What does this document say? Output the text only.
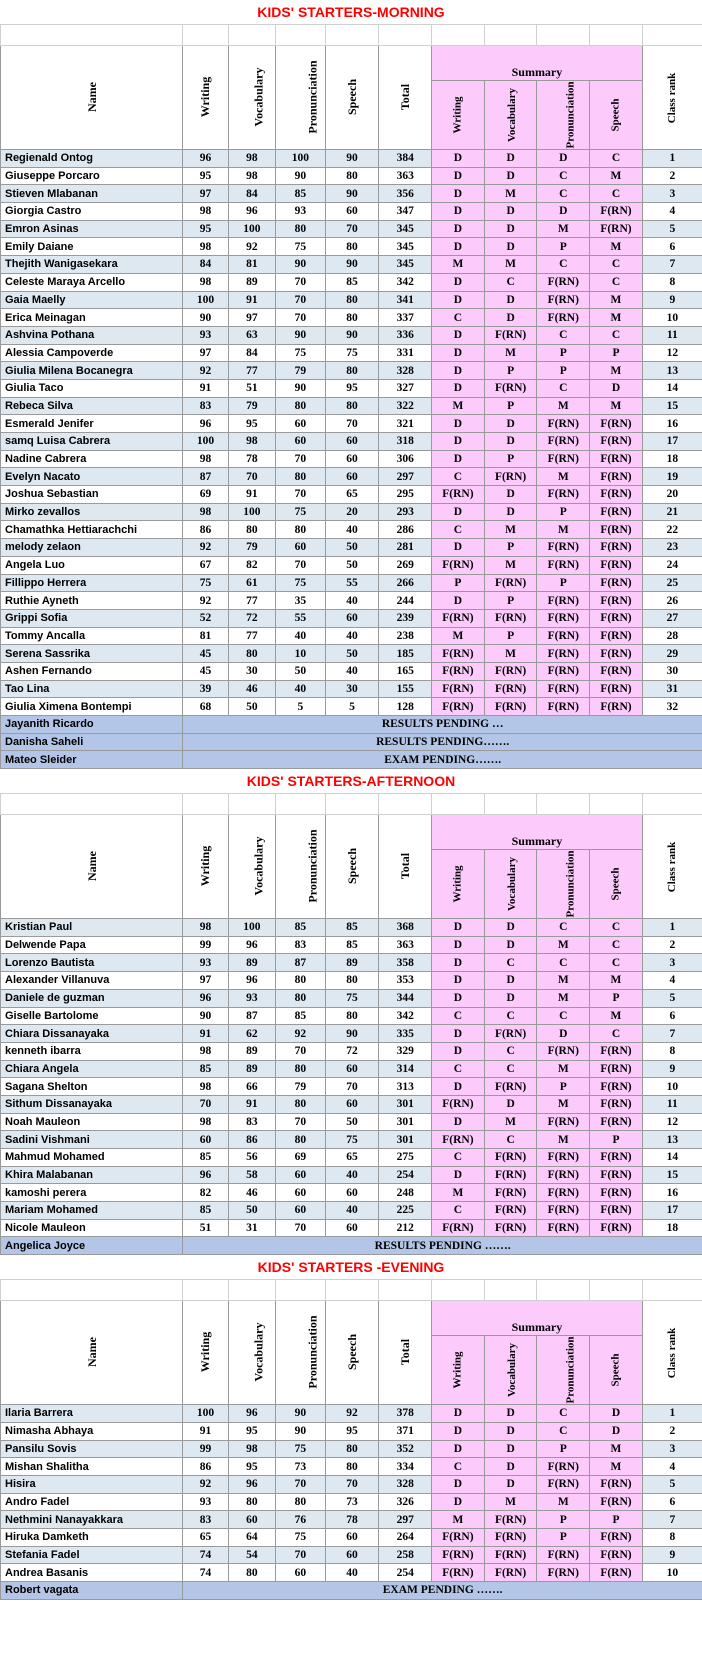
KIDS' STARTERS-MORNING

Name	Writing	Vocabulary	Pronunciation	Speech	Total	Summary				Class rank
						Writing	Vocabulary	Pronunciation	Speech	
Regienald Ontog	96	98	100	90	384	D	D	D	C	1
Giuseppe Porcaro	95	98	90	80	363	D	D	C	M	2
Stieven Mlabanan	97	84	85	90	356	D	M	C	C	3
Giorgia Castro	98	96	93	60	347	D	D	D	F(RN)	4
Emron Asinas	95	100	80	70	345	D	D	M	F(RN)	5
Emily Daiane	98	92	75	80	345	D	D	P	M	6
Thejith Wanigasekara	84	81	90	90	345	M	M	C	C	7
Celeste Maraya Arcello	98	89	70	85	342	D	C	F(RN)	C	8
Gaia Maelly	100	91	70	80	341	D	D	F(RN)	M	9
Erica Meinagan	90	97	70	80	337	C	D	F(RN)	M	10
Ashvina Pothana	93	63	90	90	336	D	F(RN)	C	C	11
Alessia Campoverde	97	84	75	75	331	D	M	P	P	12
Giulia Milena Bocanegra	92	77	79	80	328	D	P	P	M	13
Giulia Taco	91	51	90	95	327	D	F(RN)	C	D	14
Rebeca Silva	83	79	80	80	322	M	P	M	M	15
Esmerald Jenifer	96	95	60	70	321	D	D	F(RN)	F(RN)	16
samq Luisa Cabrera	100	98	60	60	318	D	D	F(RN)	F(RN)	17
Nadine Cabrera	98	78	70	60	306	D	P	F(RN)	F(RN)	18
Evelyn Nacato	87	70	80	60	297	C	F(RN)	M	F(RN)	19
Joshua Sebastian	69	91	70	65	295	F(RN)	D	F(RN)	F(RN)	20
Mirko zevallos	98	100	75	20	293	D	D	P	F(RN)	21
Chamathka Hettiarachchi	86	80	80	40	286	C	M	M	F(RN)	22
melody zelaon	92	79	60	50	281	D	P	F(RN)	F(RN)	23
Angela Luo	67	82	70	50	269	F(RN)	M	F(RN)	F(RN)	24
Fillippo Herrera	75	61	75	55	266	P	F(RN)	P	F(RN)	25
Ruthie Ayneth	92	77	35	40	244	D	P	F(RN)	F(RN)	26
Grippi Sofia	52	72	55	60	239	F(RN)	F(RN)	F(RN)	F(RN)	27
Tommy Ancalla	81	77	40	40	238	M	P	F(RN)	F(RN)	28
Serena Sassrika	45	80	10	50	185	F(RN)	M	F(RN)	F(RN)	29
Ashen Fernando	45	30	50	40	165	F(RN)	F(RN)	F(RN)	F(RN)	30
Tao Lina	39	46	40	30	155	F(RN)	F(RN)	F(RN)	F(RN)	31
Giulia Ximena Bontempi	68	50	5	5	128	F(RN)	F(RN)	F(RN)	F(RN)	32
Jayanith Ricardo	RESULTS PENDING …									
Danisha Saheli	RESULTS PENDING…….									
Mateo Sleider	EXAM PENDING…….									
KIDS' STARTERS-AFTERNOON

Name	Writing	Vocabulary	Pronunciation	Speech	Total	Summary				Class rank
						Writing	Vocabulary	Pronunciation	Speech	
Kristian Paul	98	100	85	85	368	D	D	C	C	1
Delwende Papa	99	96	83	85	363	D	D	M	C	2
Lorenzo Bautista	93	89	87	89	358	D	C	C	C	3
Alexander Villanuva	97	96	80	80	353	D	D	M	M	4
Daniele de guzman	96	93	80	75	344	D	D	M	P	5
Giselle Bartolome	90	87	85	80	342	C	C	C	M	6
Chiara Dissanayaka	91	62	92	90	335	D	F(RN)	D	C	7
kenneth ibarra	98	89	70	72	329	D	C	F(RN)	F(RN)	8
Chiara Angela	85	89	80	60	314	C	C	M	F(RN)	9
Sagana Shelton	98	66	79	70	313	D	F(RN)	P	F(RN)	10
Sithum Dissanayaka	70	91	80	60	301	F(RN)	D	M	F(RN)	11
Noah Mauleon	98	83	70	50	301	D	M	F(RN)	F(RN)	12
Sadini Vishmani	60	86	80	75	301	F(RN)	C	M	P	13
Mahmud Mohamed	85	56	69	65	275	C	F(RN)	F(RN)	F(RN)	14
Khira Malabanan	96	58	60	40	254	D	F(RN)	F(RN)	F(RN)	15
kamoshi perera	82	46	60	60	248	M	F(RN)	F(RN)	F(RN)	16
Mariam Mohamed	85	50	60	40	225	C	F(RN)	F(RN)	F(RN)	17
Nicole Mauleon	51	31	70	60	212	F(RN)	F(RN)	F(RN)	F(RN)	18
Angelica Joyce	RESULTS PENDING …….									
KIDS' STARTERS -EVENING

Name	Writing	Vocabulary	Pronunciation	Speech	Total	Summary				Class rank
						Writing	Vocabulary	Pronunciation	Speech	
Ilaria Barrera	100	96	90	92	378	D	D	C	D	1
Nimasha Abhaya	91	95	90	95	371	D	D	C	D	2
Pansilu Sovis	99	98	75	80	352	D	D	P	M	3
Mishan Shalitha	86	95	73	80	334	C	D	F(RN)	M	4
Hisira	92	96	70	70	328	D	D	F(RN)	F(RN)	5
Andro Fadel	93	80	80	73	326	D	M	M	F(RN)	6
Nethmini Nanayakkara	83	60	76	78	297	M	F(RN)	P	P	7
Hiruka Damketh	65	64	75	60	264	F(RN)	F(RN)	P	F(RN)	8
Stefania Fadel	74	54	70	60	258	F(RN)	F(RN)	F(RN)	F(RN)	9
Andrea Basanis	74	80	60	40	254	F(RN)	F(RN)	F(RN)	F(RN)	10
Robert vagata	EXAM PENDING …….									
